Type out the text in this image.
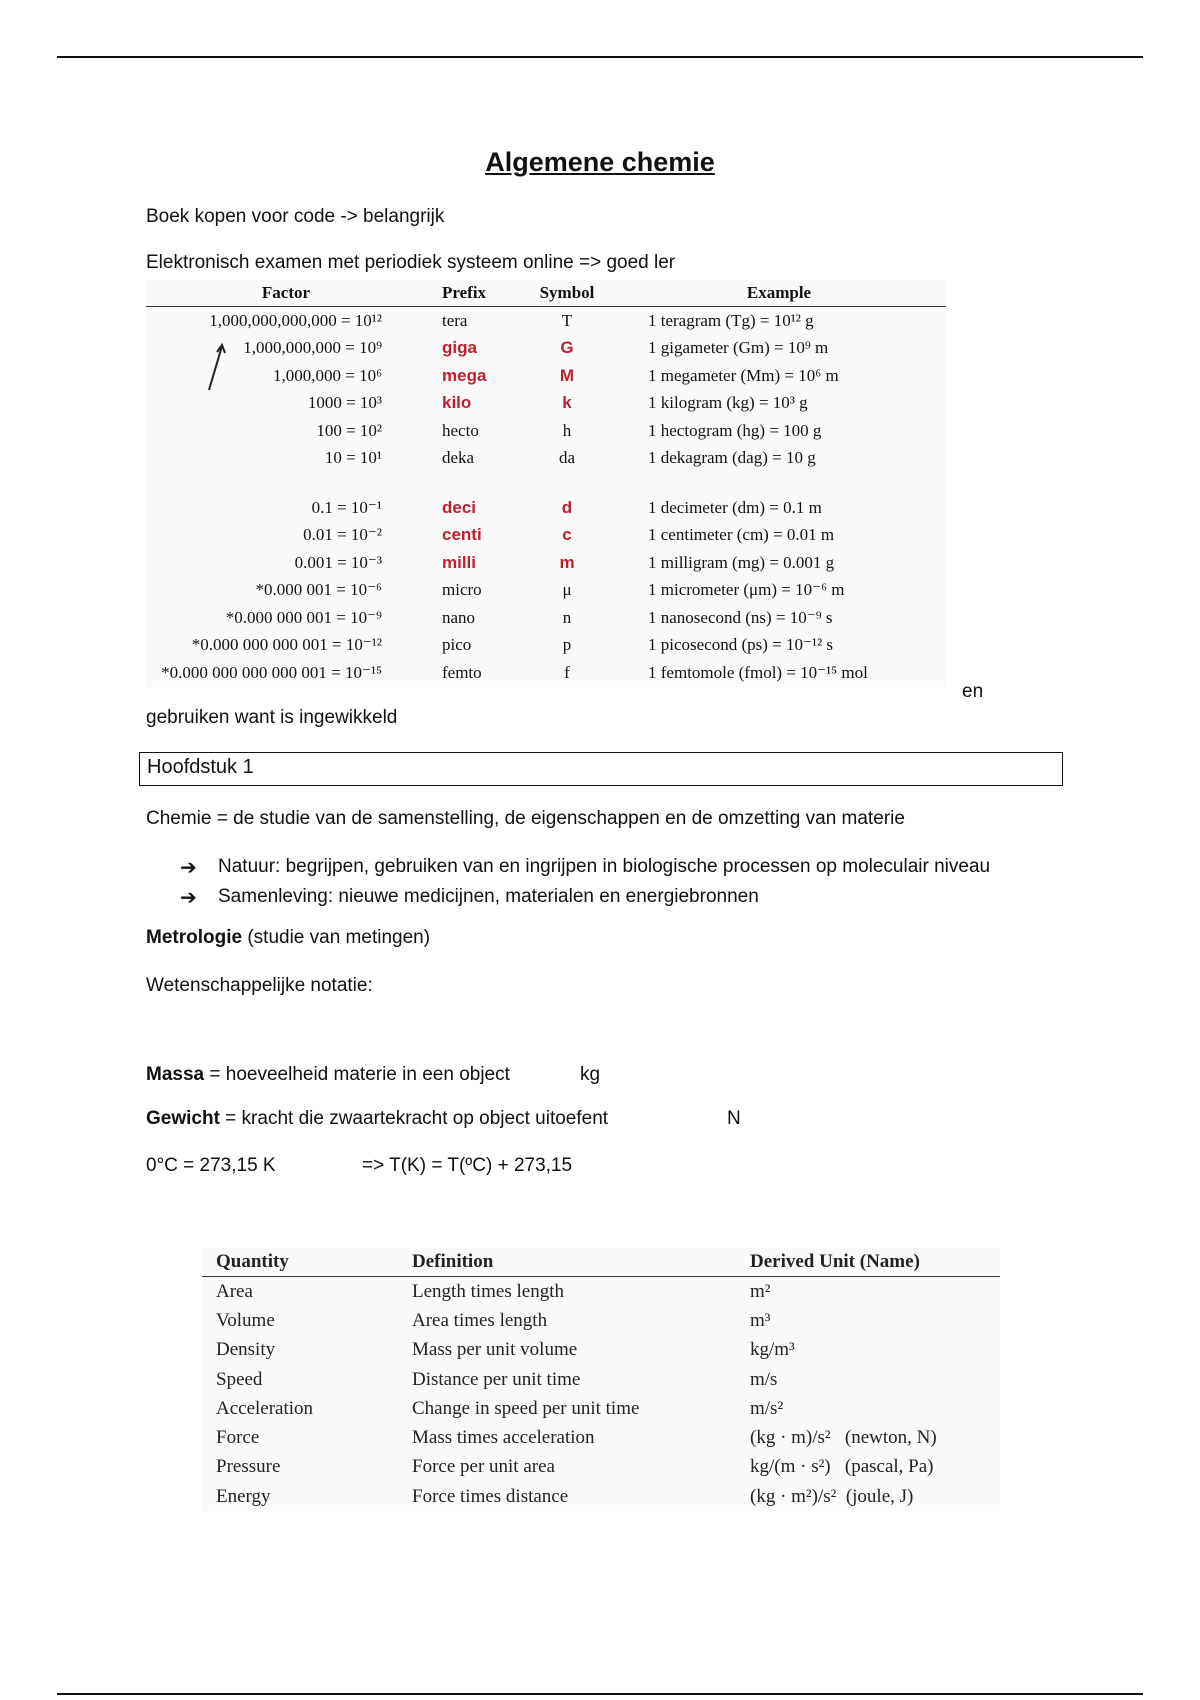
Algemene chemie
Boek kopen voor code -> belangrijk
Elektronisch examen met periodiek systeem online => goed ler
Factor	Prefix	Symbol	Example
1,000,000,000,000 = 10¹²	tera	T	1 teragram (Tg) = 10¹² g
1,000,000,000 = 10⁹	giga	G	1 gigameter (Gm) = 10⁹ m
1,000,000 = 10⁶	mega	M	1 megameter (Mm) = 10⁶ m
1000 = 10³	kilo	k	1 kilogram (kg) = 10³ g
100 = 10²	hecto	h	1 hectogram (hg) = 100 g
10 = 10¹	deka	da	1 dekagram (dag) = 10 g

0.1 = 10⁻¹	deci	d	1 decimeter (dm) = 0.1 m
0.01 = 10⁻²	centi	c	1 centimeter (cm) = 0.01 m
0.001 = 10⁻³	milli	m	1 milligram (mg) = 0.001 g
*0.000 001 = 10⁻⁶	micro	μ	1 micrometer (μm) = 10⁻⁶ m
*0.000 000 001 = 10⁻⁹	nano	n	1 nanosecond (ns) = 10⁻⁹ s
*0.000 000 000 001 = 10⁻¹²	pico	p	1 picosecond (ps) = 10⁻¹² s
*0.000 000 000 000 001 = 10⁻¹⁵	femto	f	1 femtomole (fmol) = 10⁻¹⁵ mol
en
gebruiken want is ingewikkeld
Hoofdstuk 1
Chemie = de studie van de samenstelling, de eigenschappen en de omzetting van materie
➔	Natuur: begrijpen, gebruiken van en ingrijpen in biologische processen op moleculair niveau
➔	Samenleving: nieuwe medicijnen, materialen en energiebronnen
Metrologie (studie van metingen)
Wetenschappelijke notatie:
Massa = hoeveelheid materie in een object	kg
Gewicht = kracht die zwaartekracht op object uitoefent	N
0°C = 273,15 K	=> T(K) = T(ºC) + 273,15
Quantity	Definition	Derived Unit (Name)
Area	Length times length	m²
Volume	Area times length	m³
Density	Mass per unit volume	kg/m³
Speed	Distance per unit time	m/s
Acceleration	Change in speed per unit time	m/s²
Force	Mass times acceleration	(kg · m)/s²   (newton, N)
Pressure	Force per unit area	kg/(m · s²)   (pascal, Pa)
Energy	Force times distance	(kg · m²)/s²  (joule, J)
